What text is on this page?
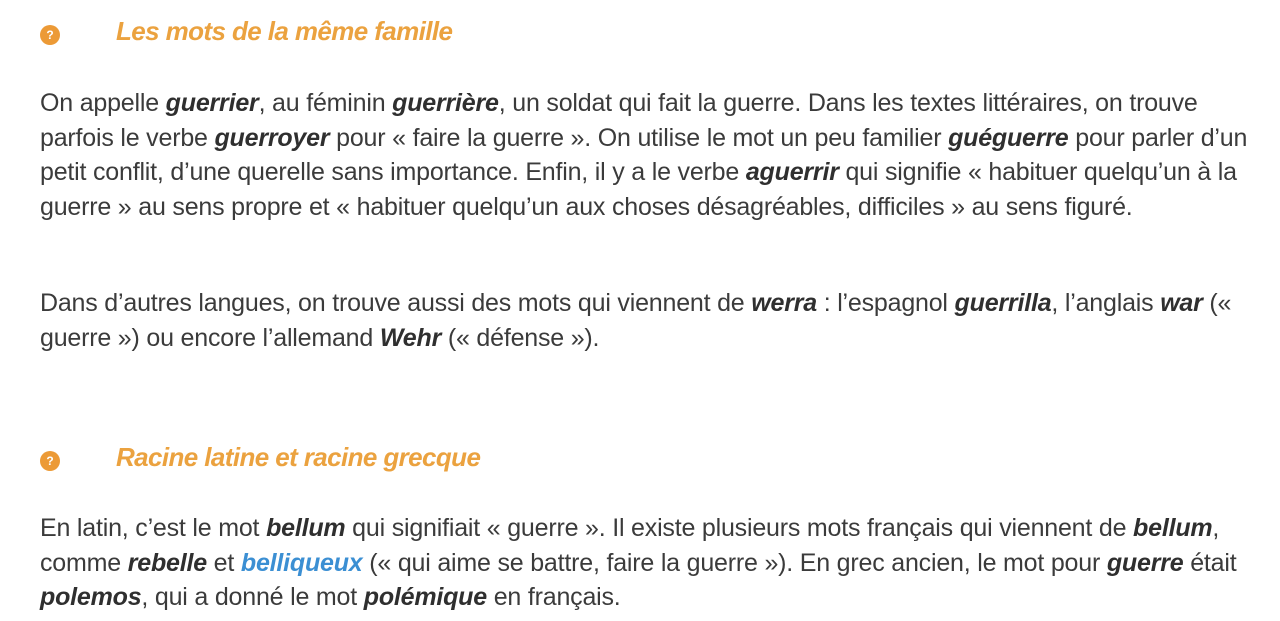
? Les mots de la même famille

On appelle guerrier, au féminin guerrière, un soldat qui fait la guerre. Dans les textes littéraires, on trouve parfois le verbe guerroyer pour « faire la guerre ». On utilise le mot un peu familier guéguerre pour parler d’un petit conflit, d’une querelle sans importance. Enfin, il y a le verbe aguerrir qui signifie « habituer quelqu’un à la guerre » au sens propre et « habituer quelqu’un aux choses désagréables, difficiles » au sens figuré.

Dans d’autres langues, on trouve aussi des mots qui viennent de werra : l’espagnol guerrilla, l’anglais war (« guerre ») ou encore l’allemand Wehr (« défense »).

? Racine latine et racine grecque

En latin, c’est le mot bellum qui signifiait « guerre ». Il existe plusieurs mots français qui viennent de bellum, comme rebelle et belliqueux (« qui aime se battre, faire la guerre »). En grec ancien, le mot pour guerre était polemos, qui a donné le mot polémique en français.
